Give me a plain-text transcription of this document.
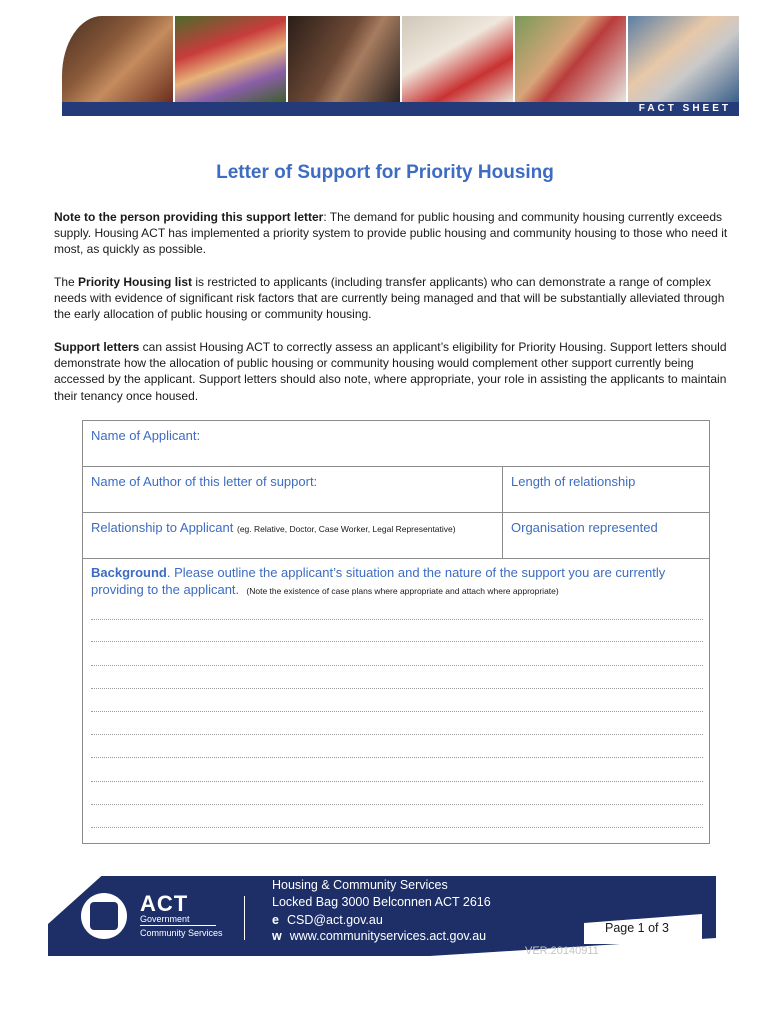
FACT SHEET
Letter of Support for Priority Housing
Note to the person providing this support letter: The demand for public housing and community housing currently exceeds supply. Housing ACT has implemented a priority system to provide public housing and community housing to those who need it most, as quickly as possible.
The Priority Housing list is restricted to applicants (including transfer applicants) who can demonstrate a range of complex needs with evidence of significant risk factors that are currently being managed and that will be substantially alleviated through the early allocation of public housing or community housing.
Support letters can assist Housing ACT to correctly assess an applicant’s eligibility for Priority Housing. Support letters should demonstrate how the allocation of public housing or community housing would complement other support currently being accessed by the applicant. Support letters should also note, where appropriate, your role in assisting the applicants to maintain their tenancy once housed.
Name of Applicant:
Name of Author of this letter of support:	Length of relationship
Relationship to Applicant (eg. Relative, Doctor, Case Worker, Legal Representative)	Organisation represented
Background. Please outline the applicant’s situation and the nature of the support you are currently providing to the applicant. (Note the existence of case plans where appropriate and attach where appropriate)
ACT
Government
Community Services
Housing & Community Services
Locked Bag 3000 Belconnen ACT 2616
e CSD@act.gov.au
w www.communityservices.act.gov.au
Page 1 of 3
VER:20140911
